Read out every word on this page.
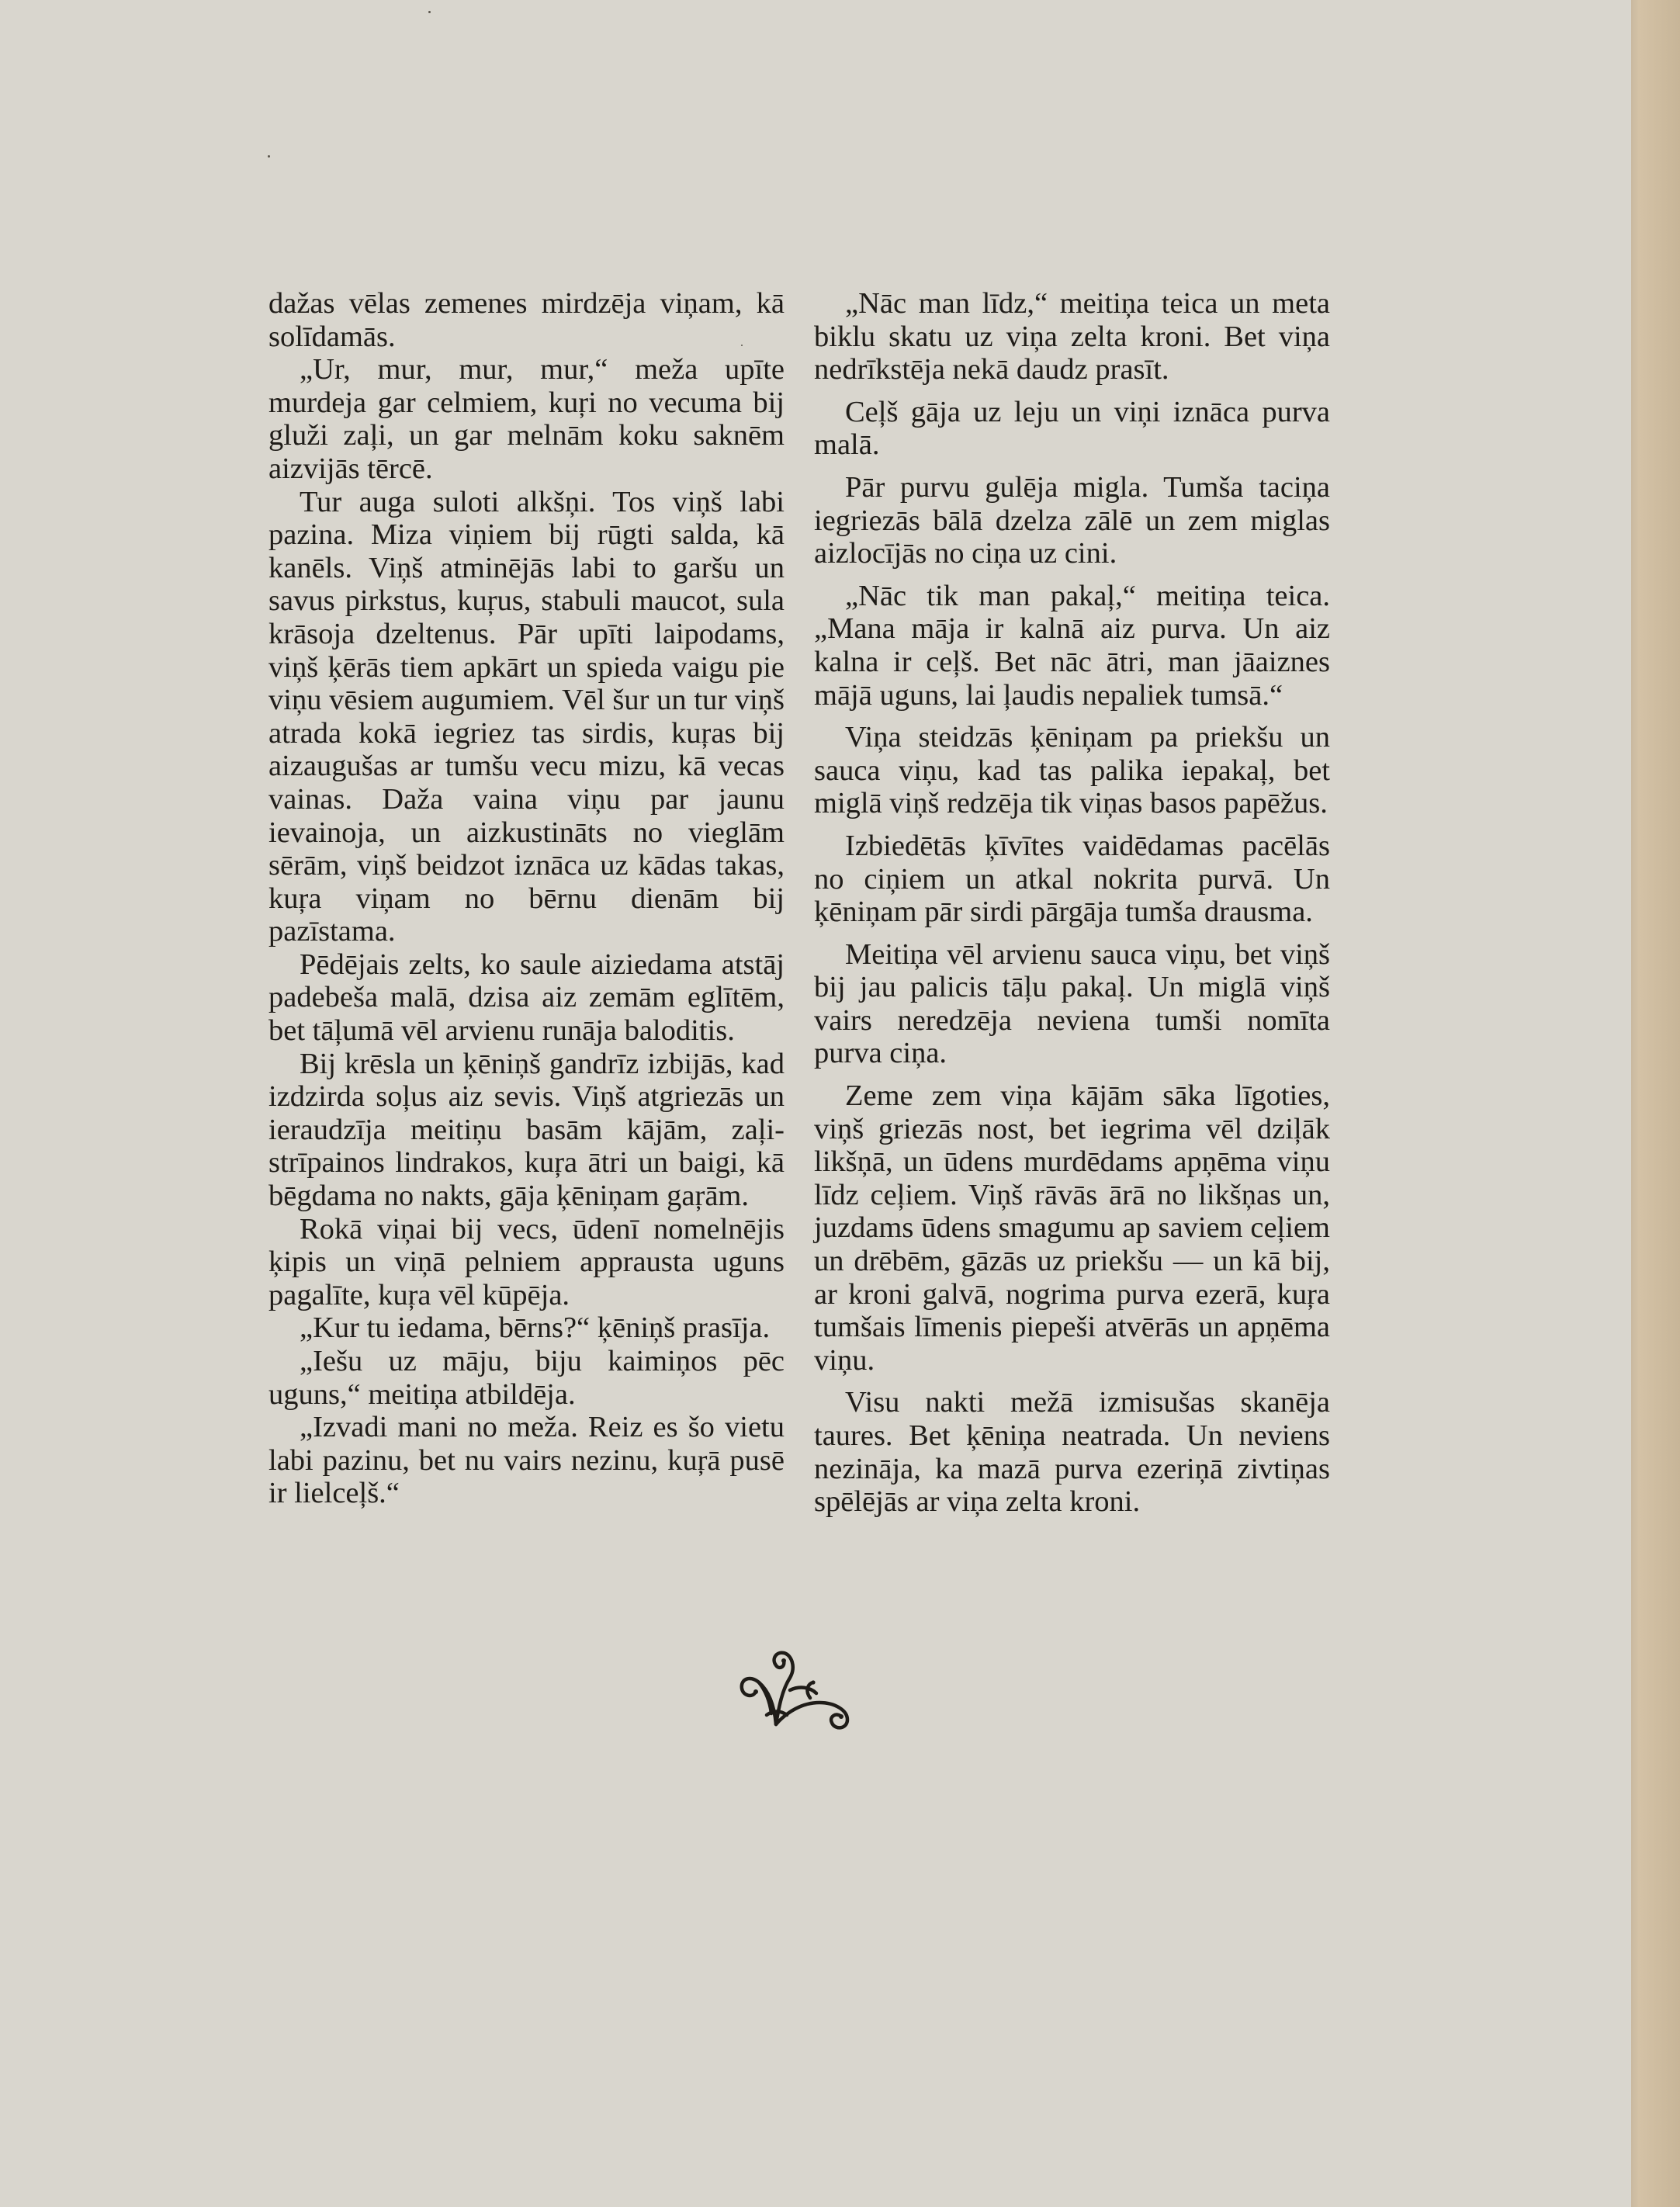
dažas vēlas zemenes mirdzēja viņam, kā solīdamās.

„Ur, mur, mur, mur,“ meža upīte murdeja gar celmiem, kuŗi no vecuma bij gluži zaļi, un gar melnām koku saknēm aizvijās tērcē.

Tur auga suloti alkšņi. Tos viņš labi pazina. Miza viņiem bij rūgti salda, kā kanēls. Viņš atminējās labi to garšu un savus pirkstus, kuŗus, stabuli maucot, sula krāsoja dzeltenus. Pār upīti laipodams, viņš ķērās tiem apkārt un spieda vaigu pie viņu vēsiem augumiem. Vēl šur un tur viņš atrada kokā iegriez tas sirdis, kuŗas bij aizaugušas ar tumšu vecu mizu, kā vecas vainas. Daža vaina viņu par jaunu ievainoja, un aizkustināts no vieglām sērām, viņš beidzot iznāca uz kādas takas, kuŗa viņam no bērnu dienām bij pazīstama.

Pēdējais zelts, ko saule aiziedama atstāj padebeša malā, dzisa aiz zemām eglītēm, bet tāļumā vēl arvienu runāja baloditis.

Bij krēsla un ķēniņš gandrīz izbijās, kad izdzirda soļus aiz sevis. Viņš atgriezās un ieraudzīja meitiņu basām kājām, zaļi-strīpainos lindrakos, kuŗa ātri un baigi, kā bēgdama no nakts, gāja ķēniņam gaŗām.

Rokā viņai bij vecs, ūdenī nomelnējis ķipis un viņā pelniem apprausta uguns pagalīte, kuŗa vēl kūpēja.

„Kur tu iedama, bērns?“ ķēniņš prasīja.

„Iešu uz māju, biju kaimiņos pēc uguns,“ meitiņa atbildēja.

„Izvadi mani no meža. Reiz es šo vietu labi pazinu, bet nu vairs nezinu, kuŗā pusē ir lielceļš.“

„Nāc man līdz,“ meitiņa teica un meta biklu skatu uz viņa zelta kroni. Bet viņa nedrīkstēja nekā daudz prasīt.

Ceļš gāja uz leju un viņi iznāca purva malā.

Pār purvu gulēja migla. Tumša taciņa iegriezās bālā dzelza zālē un zem miglas aizlocījās no ciņa uz cini.

„Nāc tik man pakaļ,“ meitiņa teica. „Mana māja ir kalnā aiz purva. Un aiz kalna ir ceļš. Bet nāc ātri, man jāaiznes mājā uguns, lai ļaudis nepaliek tumsā.“

Viņa steidzās ķēniņam pa priekšu un sauca viņu, kad tas palika iepakaļ, bet miglā viņš redzēja tik viņas basos papēžus.

Izbiedētās ķīvītes vaidēdamas pacēlās no ciņiem un atkal nokrita purvā. Un ķēniņam pār sirdi pārgāja tumša drausma.

Meitiņa vēl arvienu sauca viņu, bet viņš bij jau palicis tāļu pakaļ. Un miglā viņš vairs neredzēja neviena tumši nomīta purva ciņa.

Zeme zem viņa kājām sāka līgoties, viņš griezās nost, bet iegrima vēl dziļāk likšņā, un ūdens murdēdams apņēma viņu līdz ceļiem. Viņš rāvās ārā no likšņas un, juzdams ūdens smagumu ap saviem ceļiem un drēbēm, gāzās uz priekšu — un kā bij, ar kroni galvā, nogrima purva ezerā, kuŗa tumšais līmenis piepeši atvērās un apņēma viņu.

Visu nakti mežā izmisušas skanēja taures. Bet ķēniņa neatrada. Un neviens nezināja, ka mazā purva ezeriņā zivtiņas spēlējās ar viņa zelta kroni.
